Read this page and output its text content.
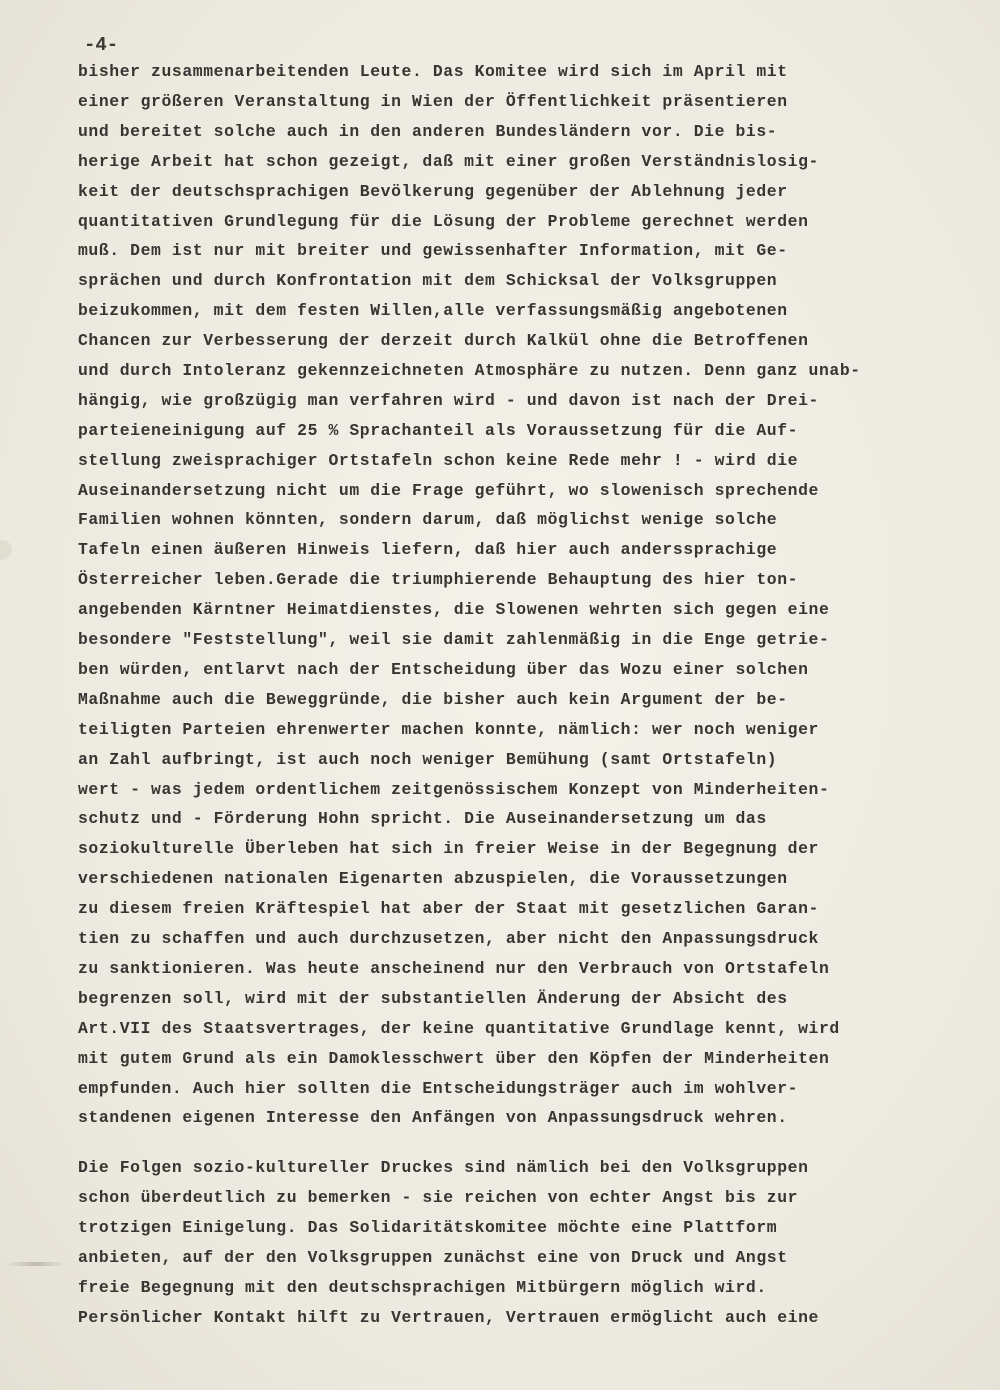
-4-
bisher zusammenarbeitenden Leute. Das Komitee wird sich im April mit
einer größeren Veranstaltung in Wien der Öffentlichkeit präsentieren
und bereitet solche auch in den anderen Bundesländern vor. Die bis-
herige Arbeit hat schon gezeigt, daß mit einer großen Verständnislosig-
keit der deutschsprachigen Bevölkerung gegenüber der Ablehnung jeder
quantitativen Grundlegung für die Lösung der Probleme gerechnet werden
muß. Dem ist nur mit breiter und gewissenhafter Information, mit Ge-
sprächen und durch Konfrontation mit dem Schicksal der Volksgruppen
beizukommen, mit dem festen Willen,alle verfassungsmäßig angebotenen
Chancen zur Verbesserung der derzeit durch Kalkül ohne die Betroffenen
und durch Intoleranz gekennzeichneten Atmosphäre zu nutzen. Denn ganz unab-
hängig, wie großzügig man verfahren wird - und davon ist nach der Drei-
parteieneinigung auf 25 % Sprachanteil als Voraussetzung für die Auf-
stellung zweisprachiger Ortstafeln schon keine Rede mehr ! - wird die
Auseinandersetzung nicht um die Frage geführt, wo slowenisch sprechende
Familien wohnen könnten, sondern darum, daß möglichst wenige solche
Tafeln einen äußeren Hinweis liefern, daß hier auch anderssprachige
Österreicher leben.Gerade die triumphierende Behauptung des hier ton-
angebenden Kärntner Heimatdienstes, die Slowenen wehrten sich gegen eine
besondere "Feststellung", weil sie damit zahlenmäßig in die Enge getrie-
ben würden, entlarvt nach der Entscheidung über das Wozu einer solchen
Maßnahme auch die Beweggründe, die bisher auch kein Argument der be-
teiligten Parteien ehrenwerter machen konnte, nämlich: wer noch weniger
an Zahl aufbringt, ist auch noch weniger Bemühung (samt Ortstafeln)
wert - was jedem ordentlichem zeitgenössischem Konzept von Minderheiten-
schutz und - Förderung Hohn spricht. Die Auseinandersetzung um das
soziokulturelle Überleben hat sich in freier Weise in der Begegnung der
verschiedenen nationalen Eigenarten abzuspielen, die Voraussetzungen
zu diesem freien Kräftespiel hat aber der Staat mit gesetzlichen Garan-
tien zu schaffen und auch durchzusetzen, aber nicht den Anpassungsdruck
zu sanktionieren. Was heute anscheinend nur den Verbrauch von Ortstafeln
begrenzen soll, wird mit der substantiellen Änderung der Absicht des
Art.VII des Staatsvertrages, der keine quantitative Grundlage kennt, wird
mit gutem Grund als ein Damoklesschwert über den Köpfen der Minderheiten
empfunden. Auch hier sollten die Entscheidungsträger auch im wohlver-
standenen eigenen Interesse den Anfängen von Anpassungsdruck wehren.
Die Folgen sozio-kultureller Druckes sind nämlich bei den Volksgruppen
schon überdeutlich zu bemerken - sie reichen von echter Angst bis zur
trotzigen Einigelung. Das Solidaritätskomitee möchte eine Plattform
anbieten, auf der den Volksgruppen zunächst eine von Druck und Angst
freie Begegnung mit den deutschsprachigen Mitbürgern möglich wird.
Persönlicher Kontakt hilft zu Vertrauen, Vertrauen ermöglicht auch eine
